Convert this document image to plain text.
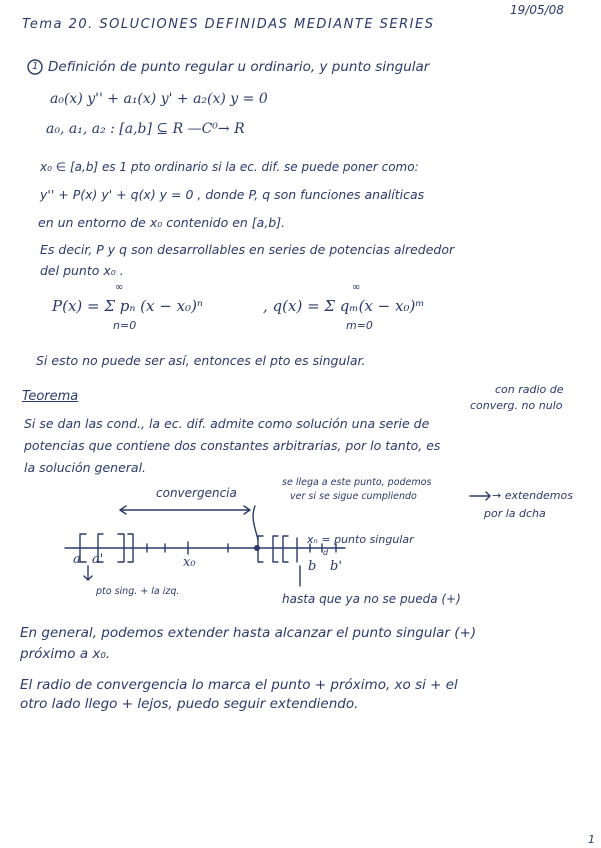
Tema 20. SOLUCIONES DEFINIDAS MEDIANTE SERIES
19/05/08
1 Definición de punto regular u ordinario, y punto singular
a₀(x) y'' + a₁(x) y' + a₂(x) y = 0
a₀, a₁, a₂ : [a,b] ⊆ R —C⁰→ R
x₀ ∈ [a,b] es 1 pto ordinario si la ec. dif. se puede poner como:
y'' + P(x) y' + q(x) y = 0 , donde P, q son funciones analíticas
en un entorno de x₀ contenido en [a,b].
Es decir, P y q son desarrollables en series de potencias alrededor
del punto x₀ .
P(x) = Σ pₙ (x − x₀)ⁿ
∞
n=0
, q(x) = Σ qₘ(x − x₀)ᵐ
∞
m=0
Si esto no puede ser así, entonces el pto es singular.
Teorema	con radio de
converg. no nulo
Si se dan las cond., la ec. dif. admite como solución una serie de
potencias que contiene dos constantes arbitrarias, por lo tanto, es
la solución general.
convergencia
se llega a este punto, podemos
ver si se sigue cumpliendo	→ extendemos
por la dcha
a a'	x₀
xₙ = punto singular
d
b b'
pto sing. + la izq.
hasta que ya no se pueda (+)
En general, podemos extender hasta alcanzar el punto singular (+)
próximo a x₀.
El radio de convergencia lo marca el punto + próximo, xo si + el
otro lado llego + lejos, puedo seguir extendiendo.
1
